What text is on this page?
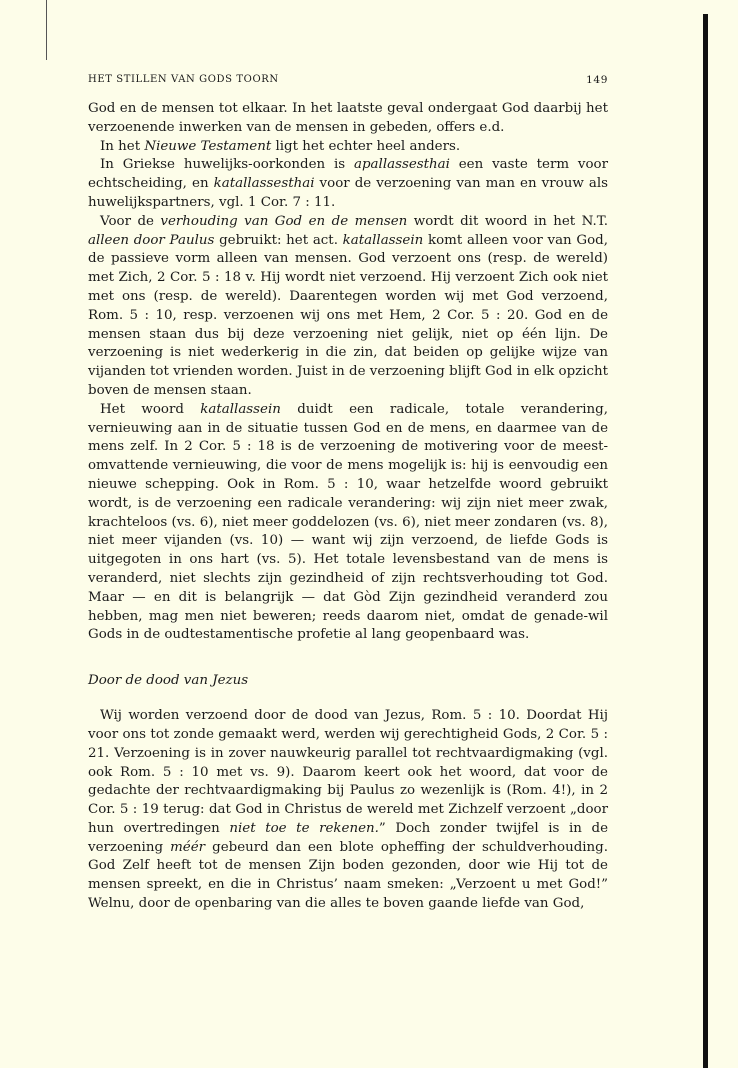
HET STILLEN VAN GODS TOORN	149

God en de mensen tot elkaar. In het laatste geval ondergaat God daarbij het verzoenende inwerken van de mensen in gebeden, offers e.d.

In het Nieuwe Testament ligt het echter heel anders.

In Griekse huwelijks-oorkonden is apallassesthai een vaste term voor echtscheiding, en katallassesthai voor de verzoening van man en vrouw als huwelijkspartners, vgl. 1 Cor. 7 : 11.

Voor de verhouding van God en de mensen wordt dit woord in het N.T. alleen door Paulus gebruikt: het act. katallassein komt alleen voor van God, de passieve vorm alleen van mensen. God verzoent ons (resp. de wereld) met Zich, 2 Cor. 5 : 18 v. Hij wordt niet verzoend. Hij verzoent Zich ook niet met ons (resp. de wereld). Daarentegen worden wij met God verzoend, Rom. 5 : 10, resp. verzoenen wij ons met Hem, 2 Cor. 5 : 20. God en de mensen staan dus bij deze verzoening niet gelijk, niet op één lijn. De verzoening is niet wederkerig in die zin, dat beiden op gelijke wijze van vijanden tot vrienden worden. Juist in de verzoening blijft God in elk opzicht boven de mensen staan.

Het woord katallassein duidt een radicale, totale verandering, vernieuwing aan in de situatie tussen God en de mens, en daarmee van de mens zelf. In 2 Cor. 5 : 18 is de verzoening de motivering voor de meest-omvattende vernieuwing, die voor de mens mogelijk is: hij is eenvoudig een nieuwe schepping. Ook in Rom. 5 : 10, waar hetzelfde woord gebruikt wordt, is de verzoening een radicale verandering: wij zijn niet meer zwak, krachteloos (vs. 6), niet meer goddelozen (vs. 6), niet meer zondaren (vs. 8), niet meer vijanden (vs. 10) — want wij zijn verzoend, de liefde Gods is uitgegoten in ons hart (vs. 5). Het totale levensbestand van de mens is veranderd, niet slechts zijn gezindheid of zijn rechtsverhouding tot God. Maar — en dit is belangrijk — dat Gòd Zijn gezindheid veranderd zou hebben, mag men niet beweren; reeds daarom niet, omdat de genade-wil Gods in de oudtestamentische profetie al lang geopenbaard was.

Door de dood van Jezus

Wij worden verzoend door de dood van Jezus, Rom. 5 : 10. Doordat Hij voor ons tot zonde gemaakt werd, werden wij gerechtigheid Gods, 2 Cor. 5 : 21. Verzoening is in zover nauwkeurig parallel tot rechtvaardigmaking (vgl. ook Rom. 5 : 10 met vs. 9). Daarom keert ook het woord, dat voor de gedachte der rechtvaardigmaking bij Paulus zo wezenlijk is (Rom. 4!), in 2 Cor. 5 : 19 terug: dat God in Christus de wereld met Zichzelf verzoent „door hun overtredingen niet toe te rekenen.” Doch zonder twijfel is in de verzoening méér gebeurd dan een blote opheffing der schuldverhouding. God Zelf heeft tot de mensen Zijn boden gezonden, door wie Hij tot de mensen spreekt, en die in Christus’ naam smeken: „Verzoent u met God!” Welnu, door de openbaring van die alles te boven gaande liefde van God,
